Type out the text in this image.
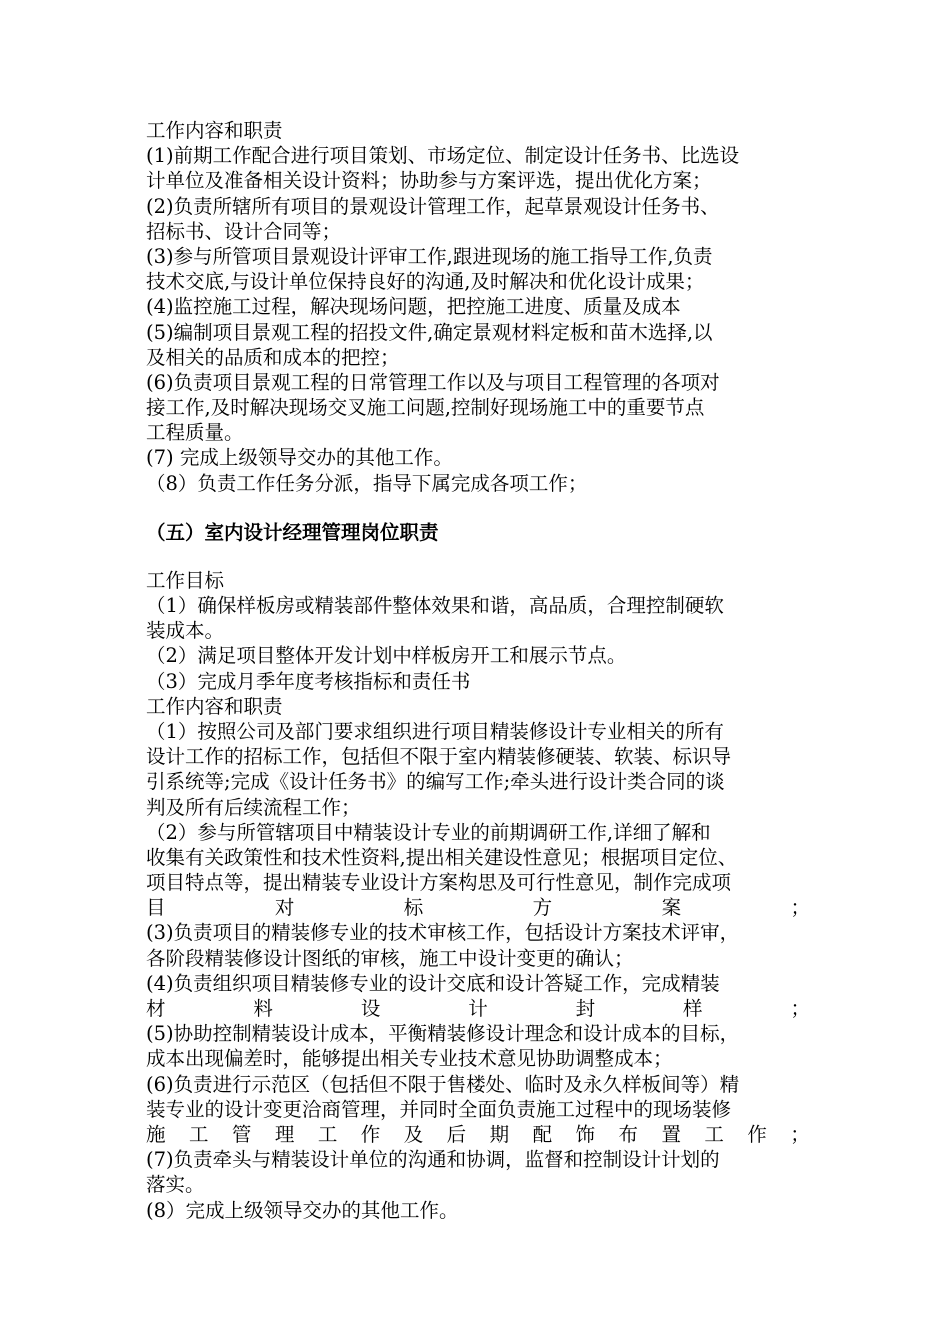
工作内容和职责
(1)前期工作配合进行项目策划、市场定位、制定设计任务书、比选设
计单位及准备相关设计资料；协助参与方案评选，提出优化方案；
(2)负责所辖所有项目的景观设计管理工作，起草景观设计任务书、
招标书、设计合同等；
(3)参与所管项目景观设计评审工作,跟进现场的施工指导工作,负责
技术交底,与设计单位保持良好的沟通,及时解决和优化设计成果；
(4)监控施工过程，解决现场问题，把控施工进度、质量及成本
(5)编制项目景观工程的招投文件,确定景观材料定板和苗木选择,以
及相关的品质和成本的把控；
(6)负责项目景观工程的日常管理工作以及与项目工程管理的各项对
接工作,及时解决现场交叉施工问题,控制好现场施工中的重要节点
工程质量。
(7) 完成上级领导交办的其他工作。
（8）负责工作任务分派，指导下属完成各项工作；
（五）室内设计经理管理岗位职责
工作目标
（1）确保样板房或精装部件整体效果和谐，高品质，合理控制硬软
装成本。
（2）满足项目整体开发计划中样板房开工和展示节点。
（3）完成月季年度考核指标和责任书
工作内容和职责
（1）按照公司及部门要求组织进行项目精装修设计专业相关的所有
设计工作的招标工作，包括但不限于室内精装修硬装、软装、标识导
引系统等;完成《设计任务书》的编写工作;牵头进行设计类合同的谈
判及所有后续流程工作；
（2）参与所管辖项目中精装设计专业的前期调研工作,详细了解和
收集有关政策性和技术性资料,提出相关建设性意见；根据项目定位、
项目特点等，提出精装专业设计方案构思及可行性意见，制作完成项
目	对	标	方	案	；
(3)负责项目的精装修专业的技术审核工作，包括设计方案技术评审，
各阶段精装修设计图纸的审核，施工中设计变更的确认；
(4)负责组织项目精装修专业的设计交底和设计答疑工作，完成精装
材	料	设	计	封	样	；
(5)协助控制精装设计成本，平衡精装修设计理念和设计成本的目标，
成本出现偏差时，能够提出相关专业技术意见协助调整成本；
(6)负责进行示范区（包括但不限于售楼处、临时及永久样板间等）精
装专业的设计变更洽商管理，并同时全面负责施工过程中的现场装修
施 工 管 理 工 作 及 后 期 配 饰 布 置 工 作 ；
(7)负责牵头与精装设计单位的沟通和协调，监督和控制设计计划的
落实。
(8）完成上级领导交办的其他工作。
